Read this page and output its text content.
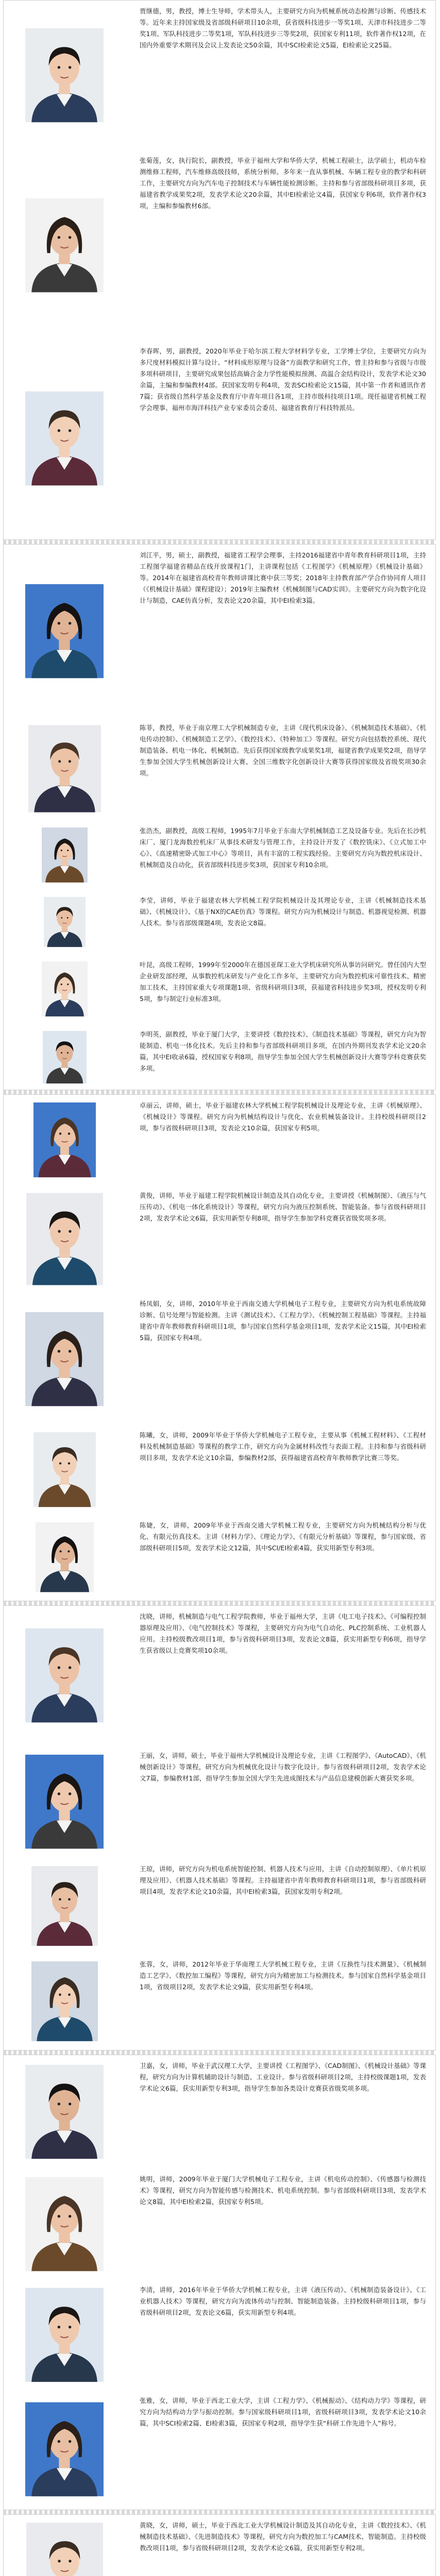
贾继德，男，教授，博士生导师，学术带头人，主要研究方向为机械系统动态检测与诊断、传感技术等。近年来主持国家级及省部级科研项目10余项，获省级科技进步一等奖1项、天津市科技进步二等奖1项、军队科技进步二等奖1项，军队科技进步三等奖2项，获国家专利11项，软件著作权12项，在国内外重要学术期刊及会议上发表论文50余篇，其中SCI检索论文5篇，EI检索论文25篇。
张菊莲，女，执行院长，副教授，毕业于福州大学和华侨大学，机械工程硕士，法学硕士，机动车检测维修工程师，汽车维修高级技师，系统分析师。多年来一直从事机械、车辆工程专业的教学和科研工作，主要研究方向为汽车电子控制技术与车辆性能检测诊断。主持和参与省部级科研项目多项，获福建省教学成果奖2项，发表学术论文20余篇，其中EI检索论文4篇，获国家专利6项，软件著作权3项，主编和参编教材6部。
李春晖，男，副教授，2020年毕业于哈尔滨工程大学材料学专业，工学博士学位，主要研究方向为多尺度材料模拟计算与设计、“材料成形原理与设备”方面教学和研究工作，曾主持和参与省级与市级多项科研项目，主要研究成果包括高熵合金力学性能模拟预测、高温合金结构设计，发表学术论文30余篇，主编和参编教材4部。获国家发明专利4项，发表SCI检索论文15篇，其中第一作者和通讯作者7篇；获省级自然科学基金及教育厅中青年项目各1项，主持市级科技项目1项。现任福建省机械工程学会理事、福州市海洋科技产业专家委员会委员、福建省教育厅科技特派员。
刘江平，男，硕士，副教授，福建省工程学会理事，主持2016福建省中青年教育科研项目1项，主持工程图学福建省精品在线开放课程1门，主讲课程包括《工程图学》《机械原理》《机械设计基础》等。2014年在福建省高校青年教师讲课比赛中获三等奖；2018年主持教育部产学合作协同育人项目（《机械设计基础》课程建设）；2019年主编教材《机械制图与CAD实训》。主要研究方向为数字化设计与制造，CAE仿真分析，发表论文20余篇，其中EI检索3篇。
陈菲，教授，毕业于南京理工大学机械制造专业，主讲《现代机床设备》、《机械制造技术基础》、《机电传动控制》、《机械制造工艺学》、《数控技术》、《特种加工》等课程。研究方向包括数控系统、现代制造装备、机电一体化、机械制造。先后获得国家级教学成果奖1项，福建省教学成果奖2项，指导学生参加全国大学生机械创新设计大赛、全国三维数字化创新设计大赛等获得国家级及省级奖项30余项。
张浩杰，副教授，高级工程师，1995年7月毕业于东南大学机械制造工艺及设备专业。先后在长沙机床厂、厦门龙海数控机床厂从事技术研发与管理工作，主持设计开发了《数控铣床》、《立式加工中心》、《高速精密卧式加工中心》等项目，具有丰富的工程实践经验。主要研究方向为数控机床设计、机械制造及自动化，获省部级科技进步奖3项，获国家专利10余项。
李莹，讲师，毕业于福建农林大学机械工程学院机械设计及其理论专业，主讲《机械制造技术基础》、《机械设计》、《基于NX的CAE仿真》等课程。研究方向为机械设计与制造、机器视觉检测、机器人技术。参与省部级课题4项，发表论文8篇。
叶昆，高级工程师，1999年至2000年在德国亚琛工业大学机床研究所从事访问研究。曾任国内大型企业研发部经理，从事数控机床研发与产业化工作多年，主要研究方向为数控机床可靠性技术、精密加工技术，主持国家重大专项课题1项、省级科研项目3项，获福建省科技进步奖3项，授权发明专利5项，参与制定行业标准3项。
李明英，副教授，毕业于厦门大学，主要讲授《数控技术》、《制造技术基础》等课程，研究方向为智能制造、机电一体化技术。先后主持和参与省部级科研项目多项，在国内外期刊发表学术论文20余篇，其中EI收录6篇，授权国家专利8项，指导学生参加全国大学生机械创新设计大赛等学科竞赛获奖多项。
卓丽云，讲师，硕士，毕业于福建农林大学机械工程学院机械设计及理论专业，主讲《机械原理》、《机械设计》等课程。研究方向为机械结构设计与优化、农业机械装备设计。主持校级科研项目2项，参与省级科研项目3项，发表论文10余篇，获国家专利5项。
黄俊，讲师，毕业于福建工程学院机械设计制造及其自动化专业，主要讲授《机械制图》、《液压与气压传动》、《机电一体化系统设计》等课程，研究方向为液压控制系统、智能装备。参与省级科研项目2项，发表学术论文6篇，获实用新型专利8项，指导学生参加学科竞赛获省级奖项多项。
杨凤娟，女，讲师，2010年毕业于西南交通大学机械电子工程专业，主要研究方向为机电系统故障诊断、信号处理与智能检测。主讲《测试技术》、《工程力学》、《机械控制工程基础》等课程。主持福建省中青年教师教育科研项目1项，参与国家自然科学基金项目1项，发表学术论文15篇，其中EI检索5篇，获国家专利4项。
陈曦，女，讲师，2009年毕业于华侨大学机械电子工程专业，主要从事《机械工程材料》、《工程材料及机械制造基础》等课程的教学工作，研究方向为金属材料改性与表面工程。主持和参与省级科研项目多项，发表学术论文10余篇，参编教材2部，获得福建省高校青年教师教学比赛三等奖。
陈婕，女，讲师，2009年毕业于西南交通大学机械工程专业，主要研究方向为机械结构分析与优化、有限元仿真技术。主讲《材料力学》、《理论力学》、《有限元分析基础》等课程，参与国家级、省部级科研项目5项，发表学术论文12篇，其中SCI/EI检索4篇，获实用新型专利3项。
沈晓，讲师，机械制造与电气工程学院教师，毕业于福州大学，主讲《电工电子技术》、《可编程控制器原理及应用》、《电气控制技术》等课程，主要研究方向为电气自动化、PLC控制系统、工业机器人应用。主持校级教改项目1项，参与省级科研项目3项，发表论文8篇，获实用新型专利6项，指导学生获省级以上竞赛奖项10余项。
王丽，女，讲师，硕士，毕业于福州大学机械设计及理论专业，主讲《工程图学》、《AutoCAD》、《机械创新设计》等课程，研究方向为机械优化设计与数字化设计。参与省级科研项目2项，发表学术论文7篇，参编教材1部，指导学生参加全国大学生先进成图技术与产品信息建模创新大赛获奖多项。
王琼，讲师，研究方向为机电系统智能控制、机器人技术与应用，主讲《自动控制原理》、《单片机原理及应用》、《机器人技术基础》等课程。主持福建省中青年教师教育科研项目1项，参与省部级科研项目4项，发表学术论文10余篇，其中EI检索3篇，获国家发明专利2项。
张蓉，女，讲师，2012年毕业于华南理工大学机械工程专业，主讲《互换性与技术测量》、《机械制造工艺学》、《数控加工编程》等课程，研究方向为精密加工与检测技术。参与国家自然科学基金项目1项，省级项目2项，发表学术论文9篇，获实用新型专利4项。
卫嘉，女，讲师，毕业于武汉理工大学，主要讲授《工程图学》、《CAD制图》、《机械设计基础》等课程，研究方向为计算机辅助设计与制造、工业设计。参与省级科研项目2项，主持校级课题1项，发表学术论文6篇，获实用新型专利3项，指导学生参加各类设计竞赛获省级奖项多项。
姚明，讲师，2009年毕业于厦门大学机械电子工程专业，主讲《机电传动控制》、《传感器与检测技术》等课程，研究方向为智能传感与检测技术、机电系统控制。参与省部级科研项目3项，发表学术论文8篇，其中EI检索2篇，获国家专利5项。
李清，讲师，2016年毕业于华侨大学机械工程专业，主讲《液压传动》、《机械制造装备设计》、《工业机器人技术》等课程，研究方向为流体传动与控制、智能制造装备。主持校级科研项目1项，参与省级科研项目2项，发表论文6篇，获实用新型专利4项。
张雅，女，讲师，毕业于西北工业大学，主讲《工程力学》、《机械振动》、《结构动力学》等课程，研究方向为结构动力学与振动控制。参与国家级科研项目1项，省级科研项目3项，发表学术论文10余篇，其中SCI检索2篇、EI检索3篇，获国家专利2项，指导学生获“科研工作先进个人”称号。
黄晓，女，讲师，硕士，毕业于西北工业大学机械设计制造及其自动化专业，主讲《数控技术》、《机械制造技术基础》、《先进制造技术》等课程，研究方向为数控加工与CAM技术、智能制造。主持校级教改项目1项，参与省级科研项目2项，发表学术论文6篇，获实用新型专利2项。
